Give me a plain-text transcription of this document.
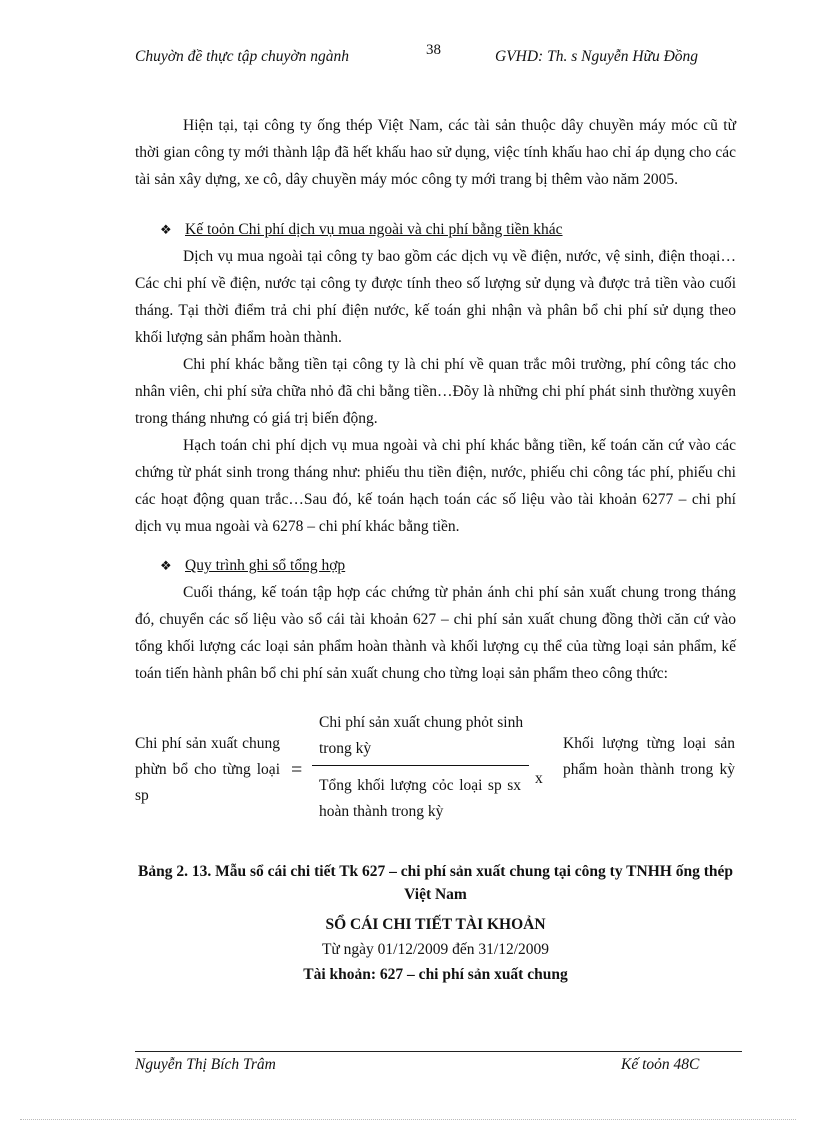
Chuyờn đề thực tập chuyờn ngành	38	GVHD: Th. s Nguyễn Hữu Đồng

Hiện tại, tại công ty ống thép Việt Nam, các tài sản thuộc dây chuyền máy móc cũ từ thời gian công ty mới thành lập đã hết khấu hao sử dụng, việc tính khấu hao chỉ áp dụng cho các tài sản xây dựng, xe cô, dây chuyền máy móc công ty mới trang bị thêm vào năm 2005.

❖ Kế toỏn Chi phí dịch vụ mua ngoài và chi phí bằng tiền khác

Dịch vụ mua ngoài tại công ty bao gồm các dịch vụ về điện, nước, vệ sinh, điện thoại… Các chi phí về điện, nước tại công ty được tính theo số lượng sử dụng và được trả tiền vào cuối tháng. Tại thời điểm trả chi phí điện nước, kế toán ghi nhận và phân bổ chi phí sử dụng theo khối lượng sản phẩm hoàn thành.

Chi phí khác bằng tiền tại công ty là chi phí về quan trắc môi trường, phí công tác cho nhân viên, chi phí sửa chữa nhỏ đã chi bằng tiền…Đõy là những chi phí phát sinh thường xuyên trong tháng nhưng có giá trị biến động.

Hạch toán chi phí dịch vụ mua ngoài và chi phí khác bằng tiền, kế toán căn cứ vào các chứng từ phát sinh trong tháng như: phiếu thu tiền điện, nước, phiếu chi công tác phí, phiếu chi các hoạt động quan trắc…Sau đó, kế toán hạch toán các số liệu vào tài khoản 6277 – chi phí dịch vụ mua ngoài và 6278 – chi phí khác bằng tiền.

❖ Quy trình ghi sổ tổng hợp

Cuối tháng, kế toán tập hợp các chứng từ phản ánh chi phí sản xuất chung trong tháng đó, chuyển các số liệu vào sổ cái tài khoản 627 – chi phí sản xuất chung đồng thời căn cứ vào tổng khối lượng các loại sản phẩm hoàn thành và khối lượng cụ thể của từng loại sản phẩm, kế toán tiến hành phân bổ chi phí sản xuất chung cho từng loại sản phẩm theo công thức:

Chi phí sản xuất chung phừn bổ cho từng loại sp
=
Chi phí sản xuất chung phỏt sinh trong kỳ
Tổng khối lượng cỏc loại sp sx hoàn thành trong kỳ
x
Khối lượng từng loại sản phẩm hoàn thành trong kỳ
Bảng 2. 13. Mẫu sổ cái chi tiết Tk 627 – chi phí sản xuất chung tại công ty TNHH ống thép Việt Nam
SỔ CÁI CHI TIẾT TÀI KHOẢN
Từ ngày 01/12/2009 đến 31/12/2009
Tài khoản: 627 – chi phí sản xuất chung
Nguyễn Thị Bích Trâm	Kế toỏn 48C
